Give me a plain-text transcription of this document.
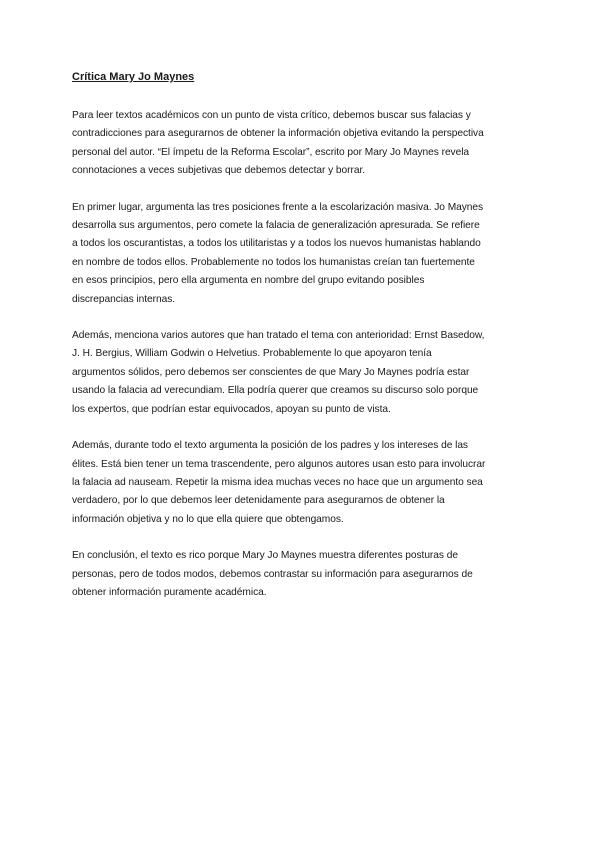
Crítica Mary Jo Maynes
Para leer textos académicos con un punto de vista crítico, debemos buscar sus falacias y
contradicciones para asegurarnos de obtener la información objetiva evitando la perspectiva
personal del autor. “El ímpetu de la Reforma Escolar”, escrito por Mary Jo Maynes revela
connotaciones a veces subjetivas que debemos detectar y borrar.
En primer lugar, argumenta las tres posiciones frente a la escolarización masiva. Jo Maynes
desarrolla sus argumentos, pero comete la falacia de generalización apresurada. Se refiere
a todos los oscurantistas, a todos los utilitaristas y a todos los nuevos humanistas hablando
en nombre de todos ellos. Probablemente no todos los humanistas creían tan fuertemente
en esos principios, pero ella argumenta en nombre del grupo evitando posibles
discrepancias internas.
Además, menciona varios autores que han tratado el tema con anterioridad: Ernst Basedow,
J. H. Bergius, William Godwin o Helvetius. Probablemente lo que apoyaron tenía
argumentos sólidos, pero debemos ser conscientes de que Mary Jo Maynes podría estar
usando la falacia ad verecundiam. Ella podría querer que creamos su discurso solo porque
los expertos, que podrían estar equivocados, apoyan su punto de vista.
Además, durante todo el texto argumenta la posición de los padres y los intereses de las
élites. Está bien tener un tema trascendente, pero algunos autores usan esto para involucrar
la falacia ad nauseam. Repetir la misma idea muchas veces no hace que un argumento sea
verdadero, por lo que debemos leer detenidamente para asegurarnos de obtener la
información objetiva y no lo que ella quiere que obtengamos.
En conclusión, el texto es rico porque Mary Jo Maynes muestra diferentes posturas de
personas, pero de todos modos, debemos contrastar su información para asegurarnos de
obtener información puramente académica.
